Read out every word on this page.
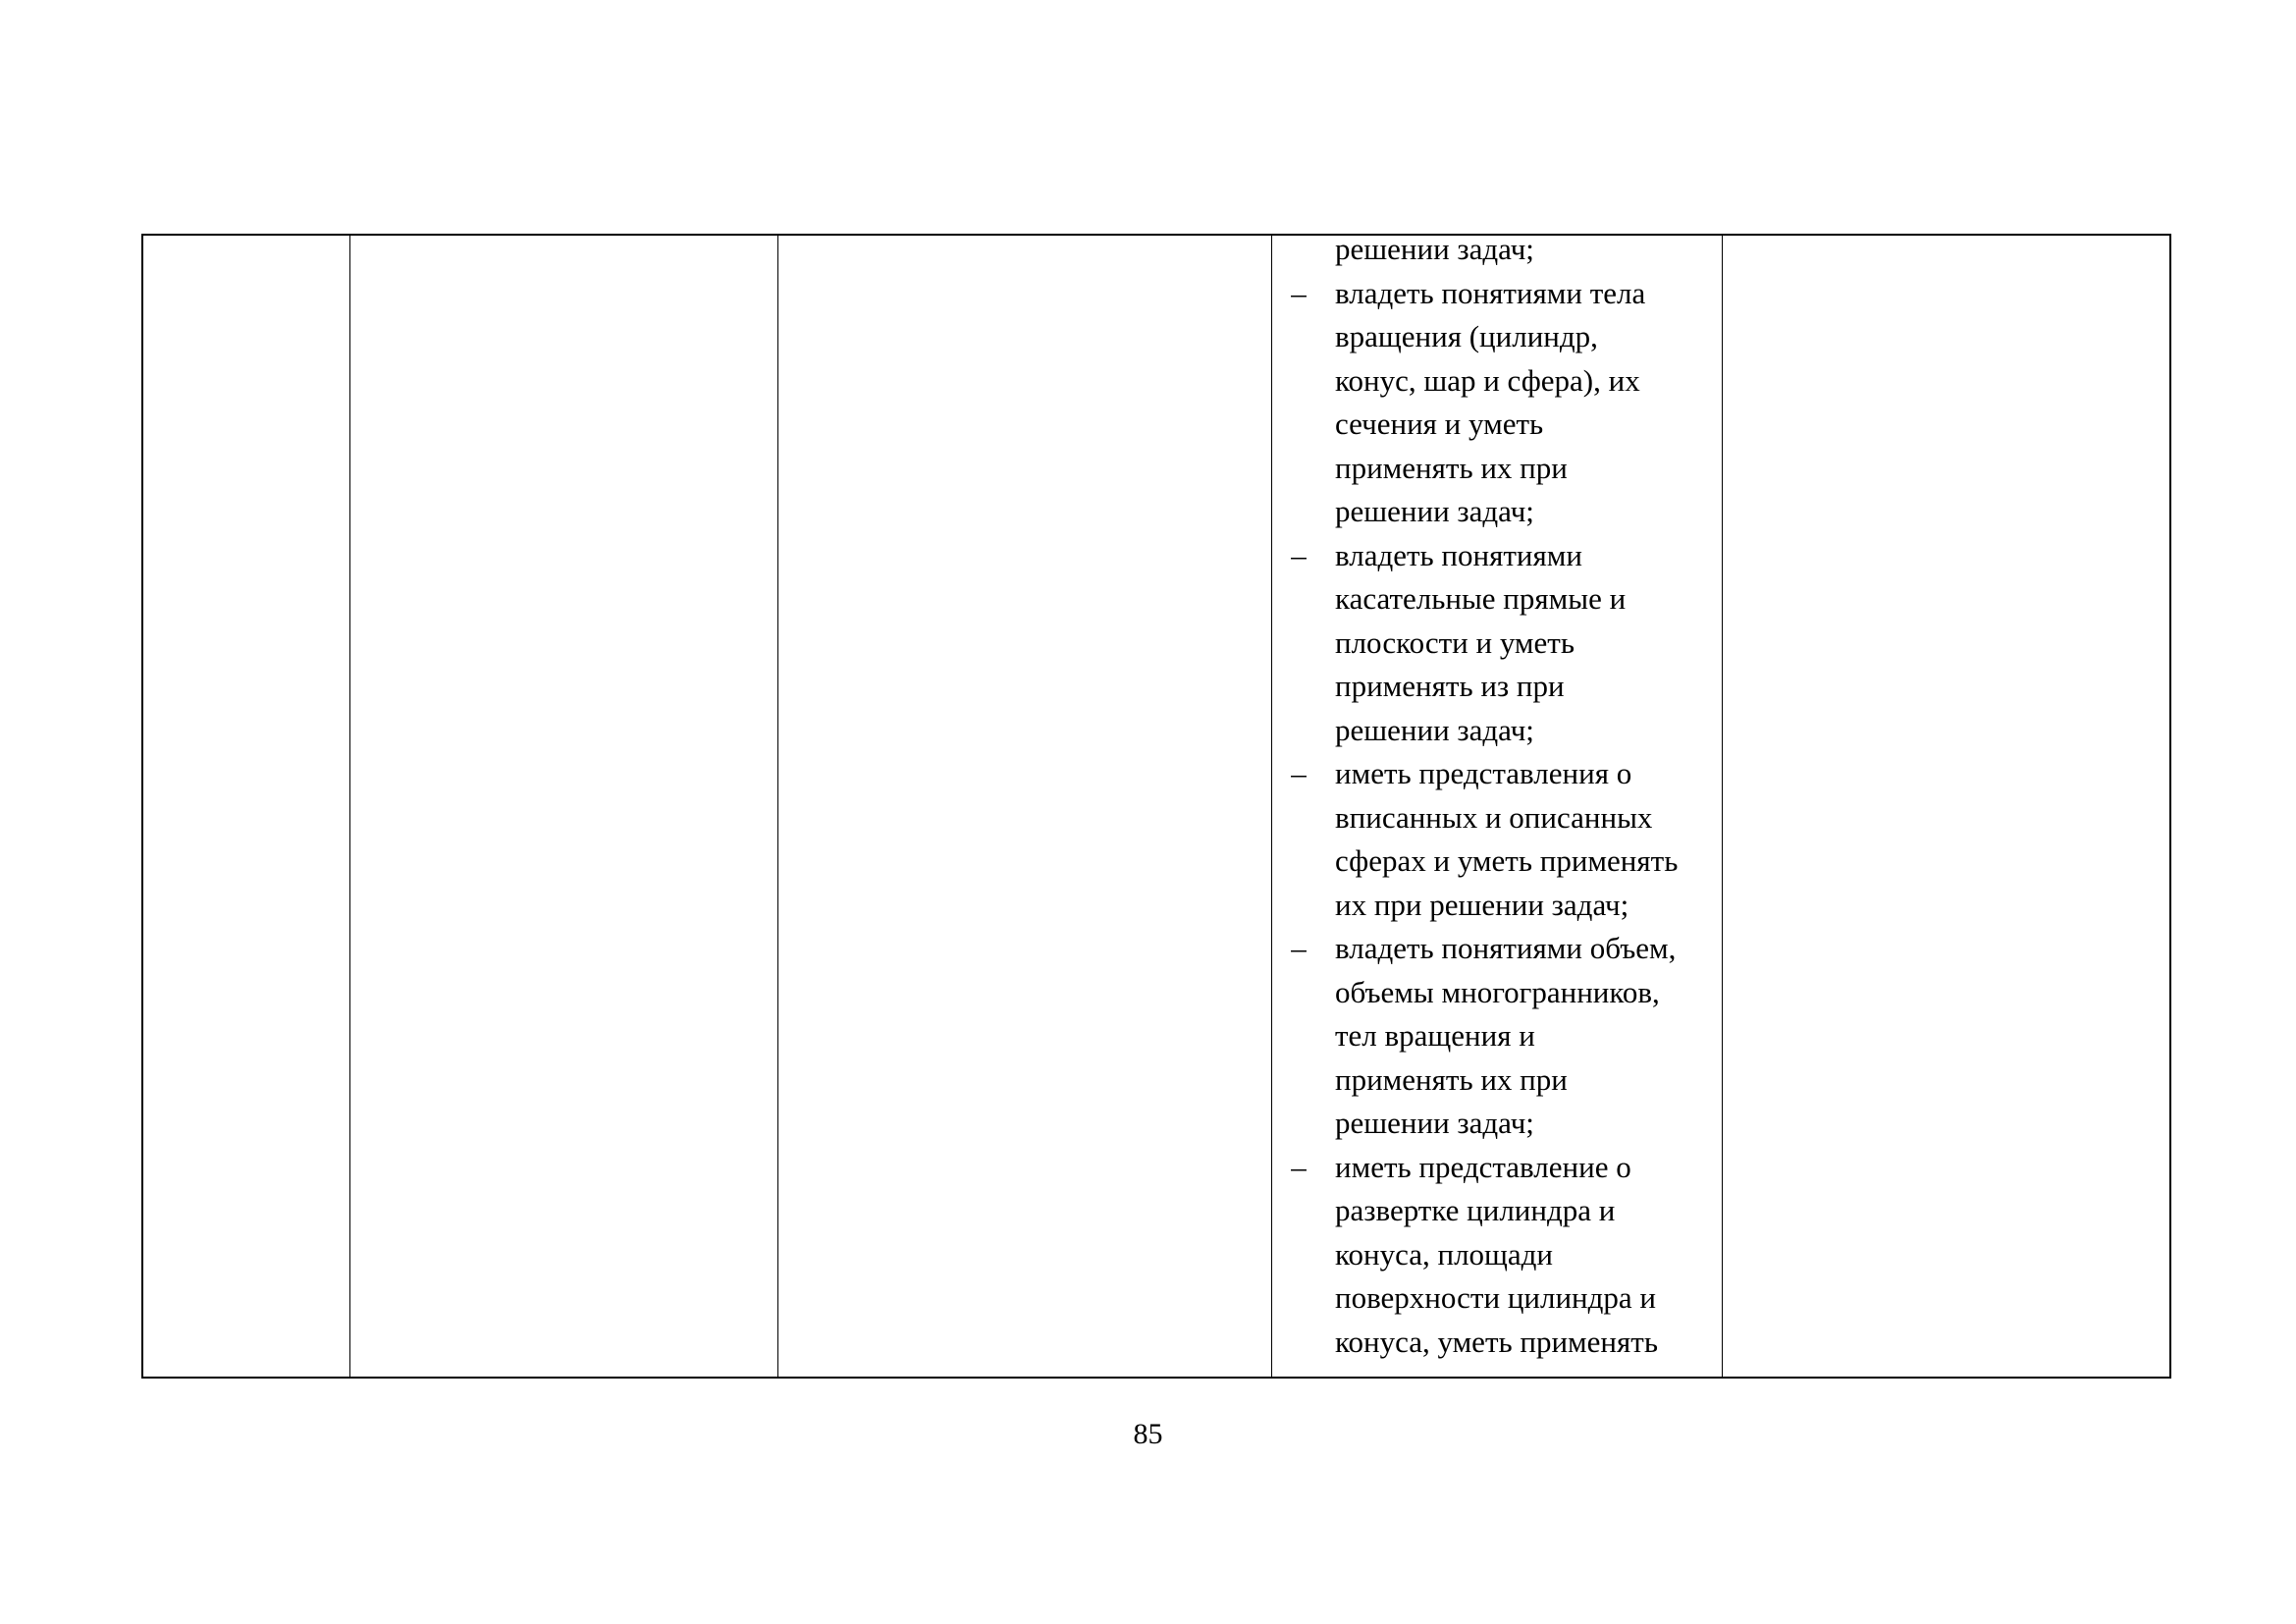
решении задач;
– владеть понятиями тела
вращения (цилиндр,
конус, шар и сфера), их
сечения и уметь
применять их при
решении задач;
– владеть понятиями
касательные прямые и
плоскости и уметь
применять из при
решении задач;
– иметь представления о
вписанных и описанных
сферах и уметь применять
их при решении задач;
– владеть понятиями объем,
объемы многогранников,
тел вращения и
применять их при
решении задач;
– иметь представление о
развертке цилиндра и
конуса, площади
поверхности цилиндра и
конуса, уметь применять
85
